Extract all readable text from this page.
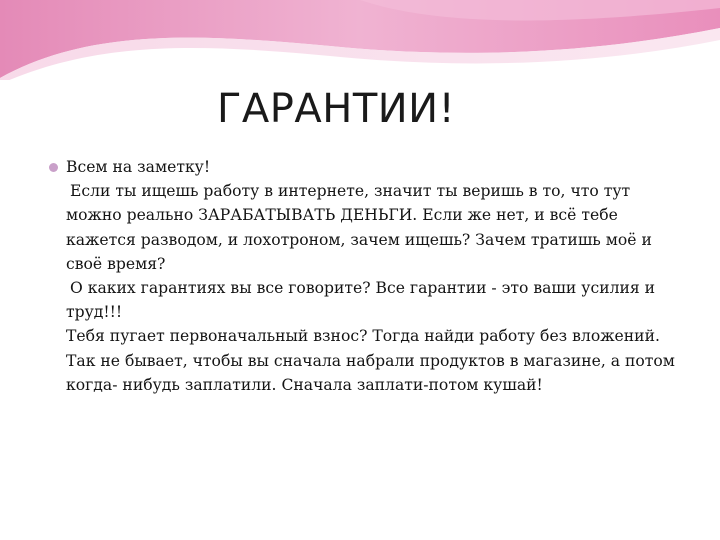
ГАРАНТИИ!
Всем на заметку!
Если ты ищешь работу в интернете, значит ты веришь в то, что тут
можно реально ЗАРАБАТЫВАТЬ ДЕНЬГИ. Если же нет, и всё тебе
кажется разводом, и лохотроном, зачем ищешь? Зачем тратишь моё и
своё время?
О каких гарантиях вы все говорите? Все гарантии - это ваши усилия и
труд!!!
Тебя пугает первоначальный взнос? Тогда найди работу без вложений.
Так не бывает, чтобы вы сначала набрали продуктов в магазине, а потом
когда- нибудь заплатили. Сначала заплати-потом кушай!
